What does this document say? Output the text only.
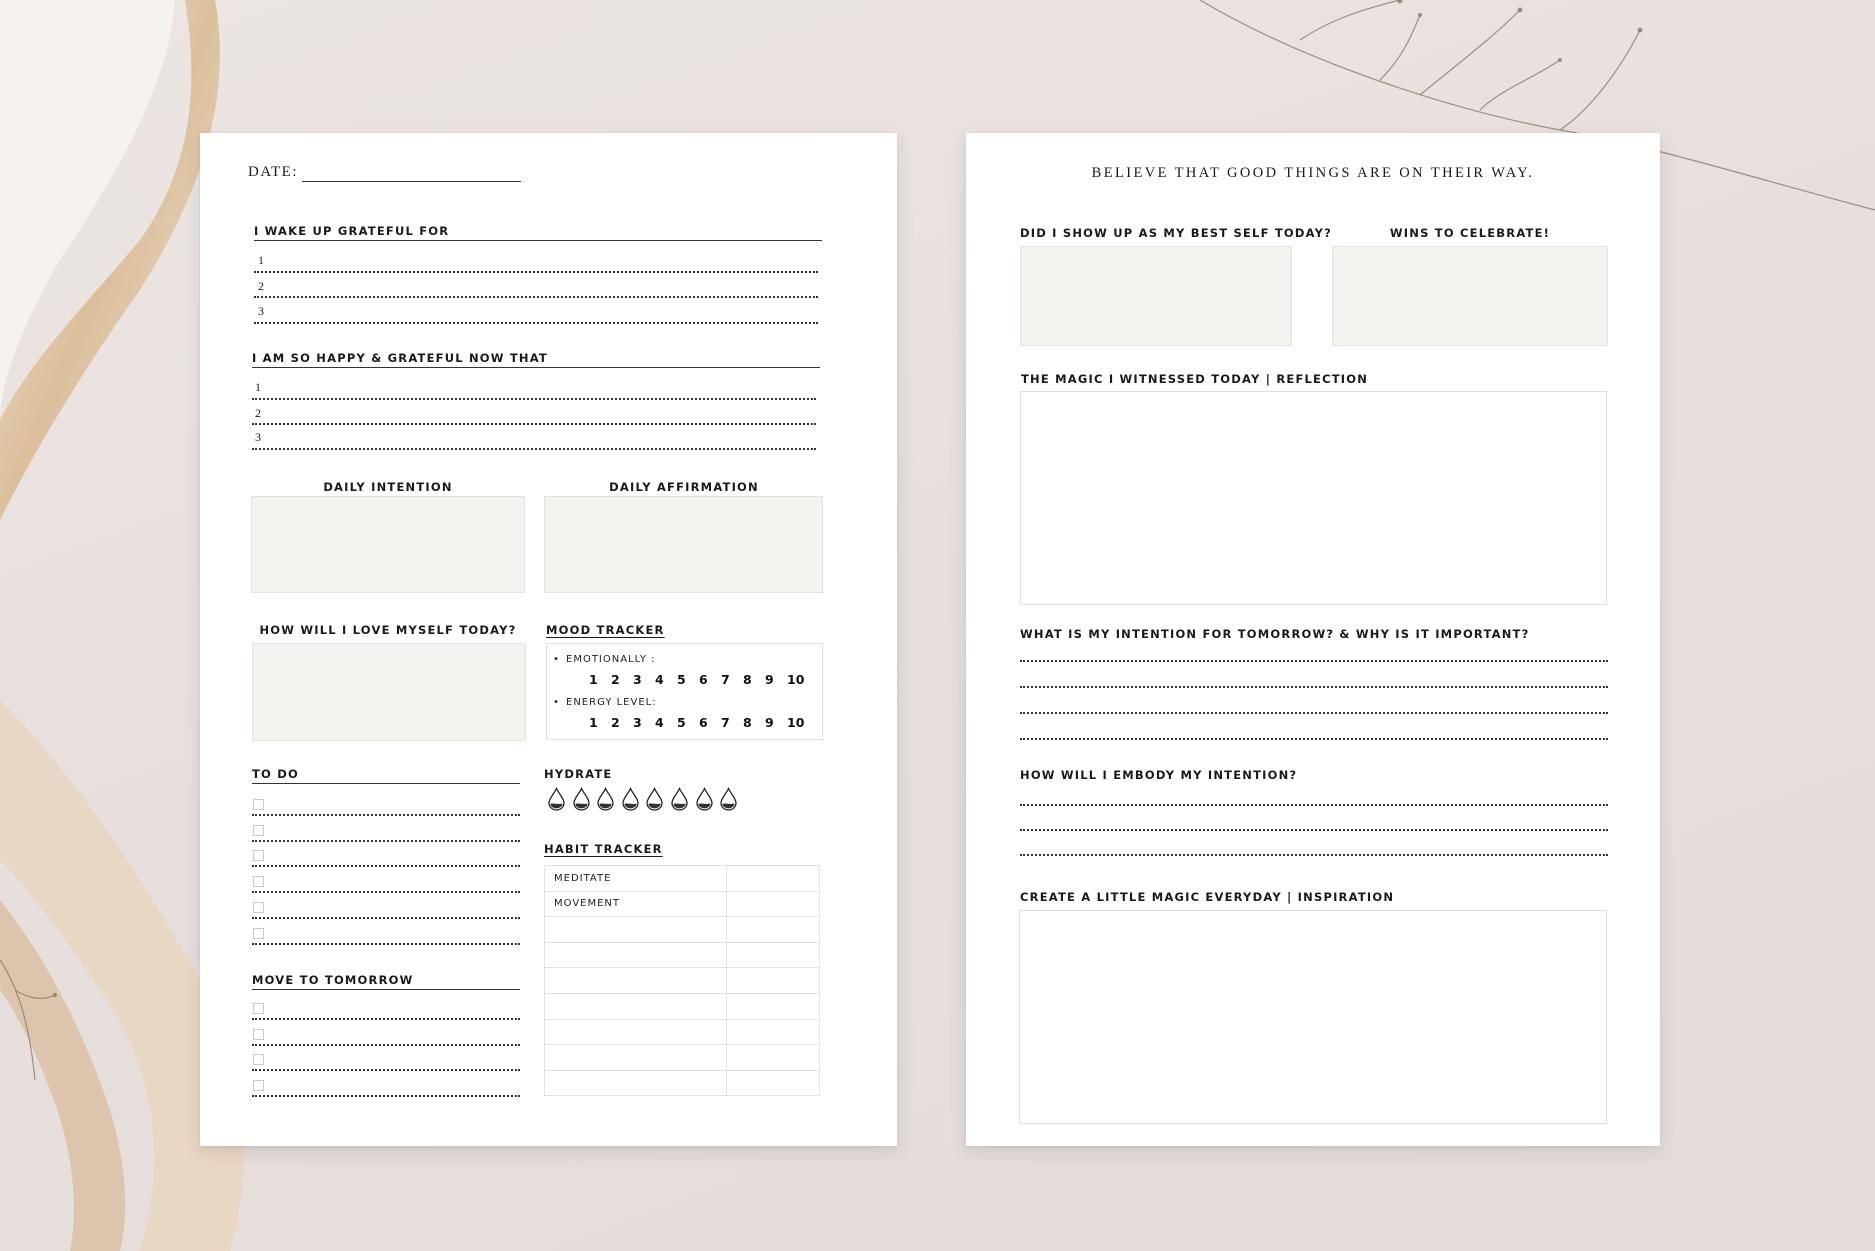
DATE:
I WAKE UP GRATEFUL FOR
1
2
3
I AM SO HAPPY & GRATEFUL NOW THAT
1
2
3
DAILY INTENTION	DAILY AFFIRMATION
HOW WILL I LOVE MYSELF TODAY?	MOOD TRACKER
• EMOTIONALLY :
1	2	3	4	5	6	7	8	9	10
• ENERGY LEVEL:
1	2	3	4	5	6	7	8	9	10
TO DO
MOVE TO TOMORROW
HYDRATE
HABIT TRACKER
MEDITATE	
MOVEMENT	

BELIEVE THAT GOOD THINGS ARE ON THEIR WAY.
DID I SHOW UP AS MY BEST SELF TODAY?	WINS TO CELEBRATE!
THE MAGIC I WITNESSED TODAY | REFLECTION
WHAT IS MY INTENTION FOR TOMORROW? & WHY IS IT IMPORTANT?
HOW WILL I EMBODY MY INTENTION?
CREATE A LITTLE MAGIC EVERYDAY | INSPIRATION
